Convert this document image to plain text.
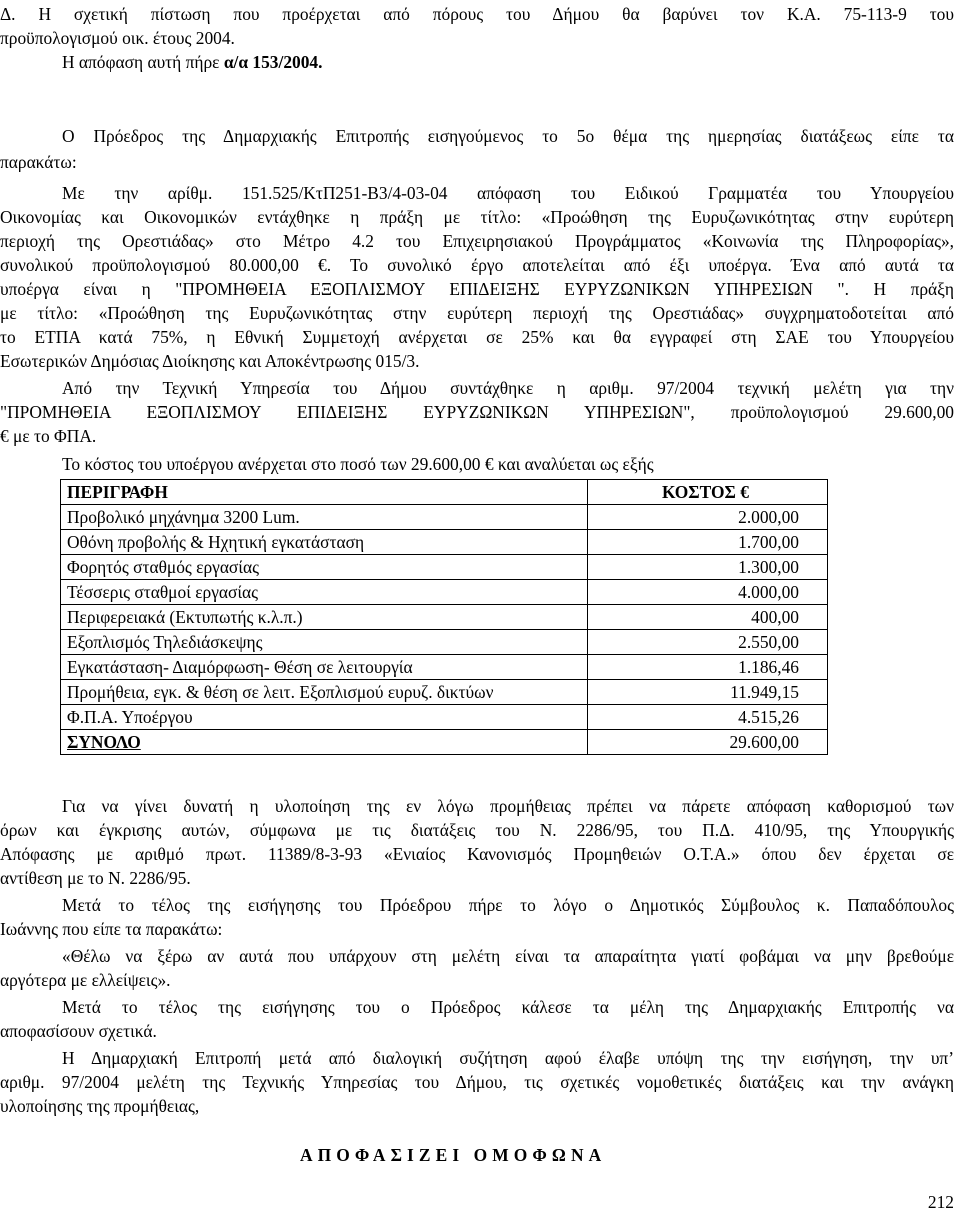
Δ. Η σχετική πίστωση που προέρχεται από πόρους του Δήμου θα βαρύνει τον Κ.Α. 75-113-9 του
προϋπολογισμού οικ. έτους 2004.
Η απόφαση αυτή πήρε α/α 153/2004.
Ο Πρόεδρος της Δημαρχιακής Επιτροπής εισηγούμενος το 5ο θέμα της ημερησίας διατάξεως είπε τα
παρακάτω:
Με την αρίθμ. 151.525/ΚτΠ251-Β3/4-03-04 απόφαση του Ειδικού Γραμματέα του Υπουργείου
Οικονομίας και Οικονομικών εντάχθηκε η πράξη με τίτλο: «Προώθηση της Ευρυζωνικότητας στην ευρύτερη
περιοχή της Ορεστιάδας» στο Μέτρο 4.2 του Επιχειρησιακού Προγράμματος «Κοινωνία της Πληροφορίας»,
συνολικού προϋπολογισμού 80.000,00 €. Το συνολικό έργο αποτελείται από έξι υποέργα. Ένα από αυτά τα
υποέργα είναι η "ΠΡΟΜΗΘΕΙΑ ΕΞΟΠΛΙΣΜΟΥ ΕΠΙΔΕΙΞΗΣ ΕΥΡΥΖΩΝΙΚΩΝ ΥΠΗΡΕΣΙΩΝ ". Η πράξη
με τίτλο: «Προώθηση της Ευρυζωνικότητας στην ευρύτερη περιοχή της Ορεστιάδας» συγχρηματοδοτείται από
το ΕΤΠΑ κατά 75%, η Εθνική Συμμετοχή ανέρχεται σε 25% και θα εγγραφεί στη ΣΑΕ του Υπουργείου
Εσωτερικών Δημόσιας Διοίκησης και Αποκέντρωσης 015/3.
Από την Τεχνική Υπηρεσία του Δήμου συντάχθηκε η αριθμ. 97/2004 τεχνική μελέτη για την
"ΠΡΟΜΗΘΕΙΑ ΕΞΟΠΛΙΣΜΟΥ ΕΠΙΔΕΙΞΗΣ ΕΥΡΥΖΩΝΙΚΩΝ ΥΠΗΡΕΣΙΩΝ", προϋπολογισμού 29.600,00
€ με το ΦΠΑ.
Το κόστος του υποέργου ανέρχεται στο ποσό των 29.600,00 € και αναλύεται ως εξής
ΠΕΡΙΓΡΑΦΗ	ΚΟΣΤΟΣ €
Προβολικό μηχάνημα 3200 Lum.	2.000,00
Οθόνη προβολής & Ηχητική εγκατάσταση	1.700,00
Φορητός σταθμός εργασίας	1.300,00
Τέσσερις σταθμοί εργασίας	4.000,00
Περιφερειακά (Εκτυπωτής κ.λ.π.)	400,00
Εξοπλισμός Τηλεδιάσκεψης	2.550,00
Εγκατάσταση- Διαμόρφωση- Θέση σε λειτουργία	1.186,46
Προμήθεια, εγκ. & θέση σε λειτ. Εξοπλισμού ευρυζ. δικτύων	11.949,15
Φ.Π.Α. Υποέργου	4.515,26
ΣΥΝΟΛΟ	29.600,00
Για να γίνει δυνατή η υλοποίηση της εν λόγω προμήθειας πρέπει να πάρετε απόφαση καθορισμού των
όρων και έγκρισης αυτών, σύμφωνα με τις διατάξεις του Ν. 2286/95, του Π.Δ. 410/95, της Υπουργικής
Απόφασης με αριθμό πρωτ. 11389/8-3-93 «Ενιαίος Κανονισμός Προμηθειών Ο.Τ.Α.» όπου δεν έρχεται σε
αντίθεση με το Ν. 2286/95.
Μετά το τέλος της εισήγησης του Πρόεδρου πήρε το λόγο ο Δημοτικός Σύμβουλος κ. Παπαδόπουλος
Ιωάννης που είπε τα παρακάτω:
«Θέλω να ξέρω αν αυτά που υπάρχουν στη μελέτη είναι τα απαραίτητα γιατί φοβάμαι να μην βρεθούμε
αργότερα με ελλείψεις».
Μετά το τέλος της εισήγησης του ο Πρόεδρος κάλεσε τα μέλη της Δημαρχιακής Επιτροπής να
αποφασίσουν σχετικά.
Η Δημαρχιακή Επιτροπή μετά από διαλογική συζήτηση αφού έλαβε υπόψη της την εισήγηση, την υπ’
αριθμ. 97/2004 μελέτη της Τεχνικής Υπηρεσίας του Δήμου, τις σχετικές νομοθετικές διατάξεις και την ανάγκη
υλοποίησης της προμήθειας,
ΑΠΟΦΑΣΙΖΕΙ ΟΜΟΦΩΝΑ
212
